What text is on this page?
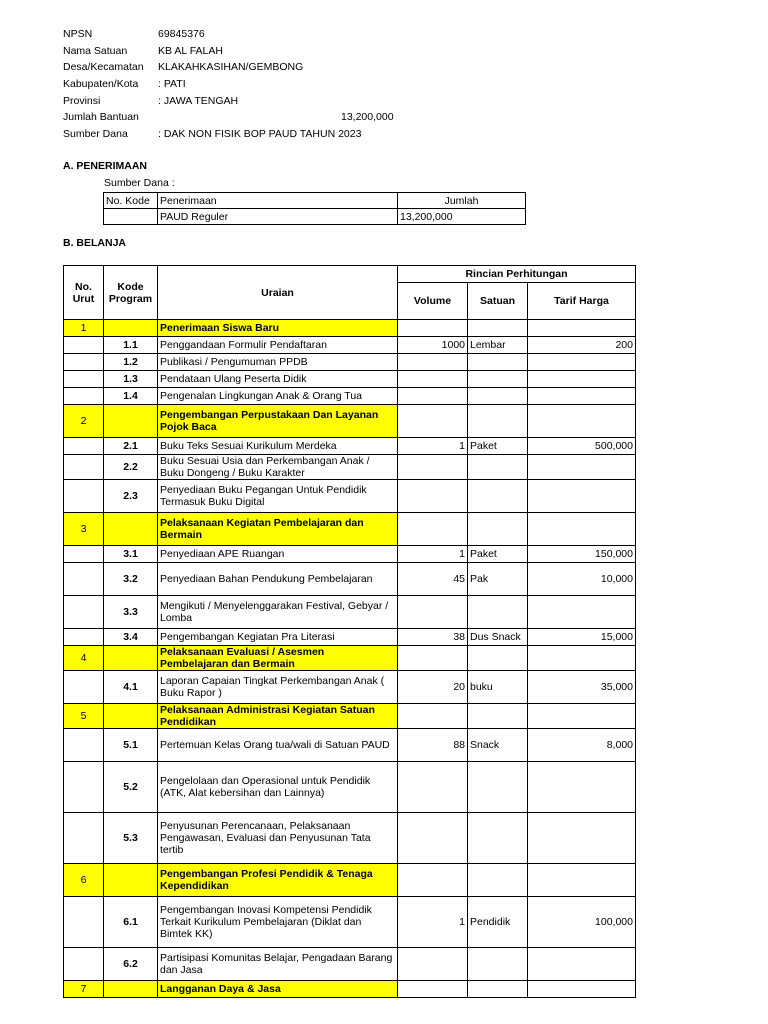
NPSN	69845376
Nama Satuan	KB AL FALAH
Desa/Kecamatan KLAKAHKASIHAN/GEMBONG
Kabupaten/Kota : PATI
Provinsi	: JAWA TENGAH
Jumlah Bantuan	13,200,000
Sumber Dana	: DAK NON FISIK BOP PAUD TAHUN 2023
A. PENERIMAAN
Sumber Dana :
No. Kode	Penerimaan	Jumlah
	PAUD Reguler	13,200,000
B. BELANJA
No. Urut	Kode Program	Uraian	Rincian Perhitungan		
			Volume	Satuan	Tarif Harga
1		Penerimaan Siswa Baru			
	1.1	Penggandaan Formulir Pendaftaran	1000	Lembar	200
	1.2	Publikasi / Pengumuman PPDB			
	1.3	Pendataan Ulang Peserta Didik			
	1.4	Pengenalan Lingkungan Anak & Orang Tua			
2		Pengembangan Perpustakaan Dan Layanan Pojok Baca			
	2.1	Buku Teks Sesuai Kurikulum Merdeka	1	Paket	500,000
	2.2	Buku Sesuai Usia dan Perkembangan Anak / Buku Dongeng / Buku Karakter			
	2.3	Penyediaan Buku Pegangan Untuk Pendidik Termasuk Buku Digital			
3		Pelaksanaan Kegiatan Pembelajaran dan Bermain			
	3.1	Penyediaan APE Ruangan	1	Paket	150,000
	3.2	Penyediaan Bahan Pendukung Pembelajaran	45	Pak	10,000
	3.3	Mengikuti / Menyelenggarakan Festival, Gebyar / Lomba			
	3.4	Pengembangan Kegiatan Pra Literasi	38	Dus Snack	15,000
4		Pelaksanaan Evaluasi / Asesmen Pembelajaran dan Bermain			
	4.1	Laporan Capaian Tingkat Perkembangan Anak ( Buku Rapor )	20	buku	35,000
5		Pelaksanaan Administrasi Kegiatan Satuan Pendidikan			
	5.1	Pertemuan Kelas Orang tua/wali di Satuan PAUD	88	Snack	8,000
	5.2	Pengelolaan dan Operasional untuk Pendidik (ATK, Alat kebersihan dan Lainnya)			
	5.3	Penyusunan Perencanaan, Pelaksanaan Pengawasan, Evaluasi dan Penyusunan Tata tertib			
6		Pengembangan Profesi Pendidik & Tenaga Kependidikan			
	6.1	Pengembangan Inovasi Kompetensi Pendidik Terkait Kurikulum Pembelajaran (Diklat dan Bimtek KK)	1	Pendidik	100,000
	6.2	Partisipasi Komunitas Belajar, Pengadaan Barang dan Jasa			
7		Langganan Daya & Jasa			
